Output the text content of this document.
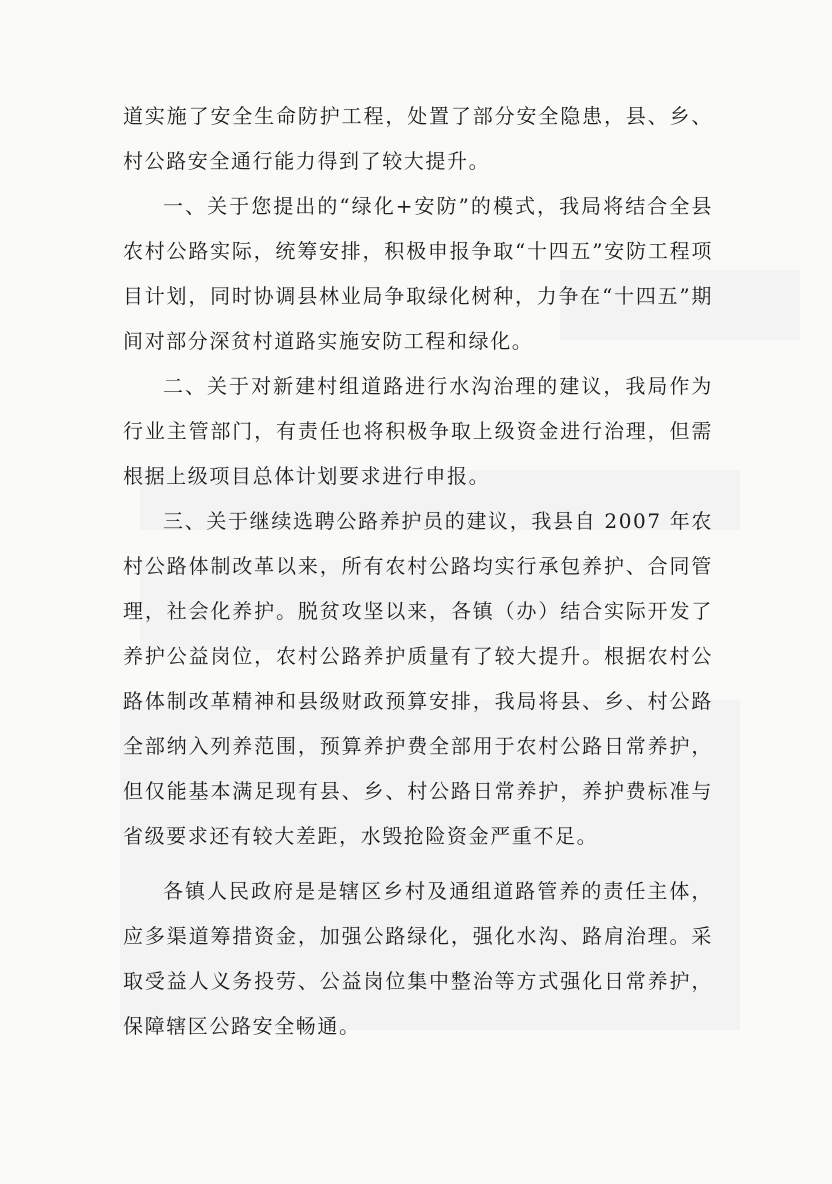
道实施了安全生命防护工程，处置了部分安全隐患，县、乡、村公路安全通行能力得到了较大提升。

一、关于您提出的“绿化+安防”的模式，我局将结合全县农村公路实际，统筹安排，积极申报争取“十四五”安防工程项目计划，同时协调县林业局争取绿化树种，力争在“十四五”期间对部分深贫村道路实施安防工程和绿化。

二、关于对新建村组道路进行水沟治理的建议，我局作为行业主管部门，有责任也将积极争取上级资金进行治理，但需根据上级项目总体计划要求进行申报。

三、关于继续选聘公路养护员的建议，我县自 2007 年农村公路体制改革以来，所有农村公路均实行承包养护、合同管理，社会化养护。脱贫攻坚以来，各镇（办）结合实际开发了养护公益岗位，农村公路养护质量有了较大提升。根据农村公路体制改革精神和县级财政预算安排，我局将县、乡、村公路全部纳入列养范围，预算养护费全部用于农村公路日常养护，但仅能基本满足现有县、乡、村公路日常养护，养护费标准与省级要求还有较大差距，水毁抢险资金严重不足。

各镇人民政府是是辖区乡村及通组道路管养的责任主体，应多渠道筹措资金，加强公路绿化，强化水沟、路肩治理。采取受益人义务投劳、公益岗位集中整治等方式强化日常养护，保障辖区公路安全畅通。
